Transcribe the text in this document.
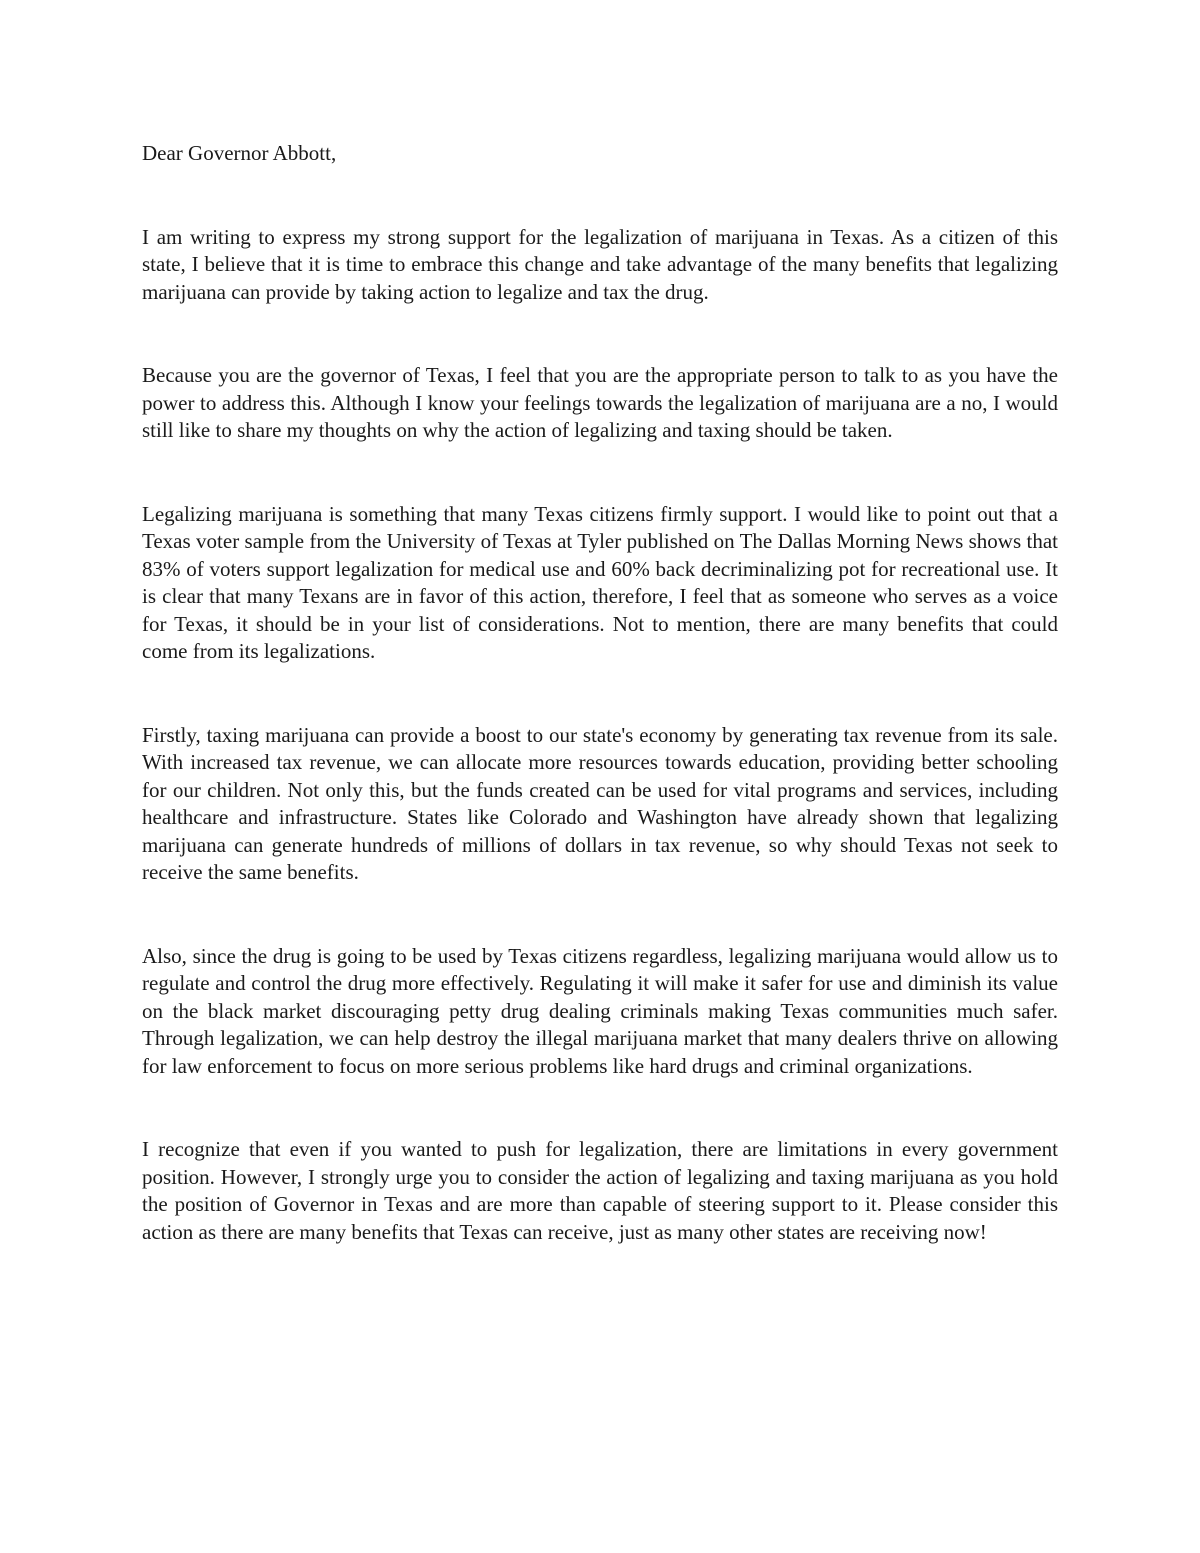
Dear Governor Abbott,

I am writing to express my strong support for the legalization of marijuana in Texas. As a citizen of this state, I believe that it is time to embrace this change and take advantage of the many benefits that legalizing marijuana can provide by taking action to legalize and tax the drug.

Because you are the governor of Texas, I feel that you are the appropriate person to talk to as you have the power to address this. Although I know your feelings towards the legalization of marijuana are a no, I would still like to share my thoughts on why the action of legalizing and taxing should be taken.

Legalizing marijuana is something that many Texas citizens firmly support. I would like to point out that a Texas voter sample from the University of Texas at Tyler published on The Dallas Morning News shows that 83% of voters support legalization for medical use and 60% back decriminalizing pot for recreational use. It is clear that many Texans are in favor of this action, therefore, I feel that as someone who serves as a voice for Texas, it should be in your list of considerations. Not to mention, there are many benefits that could come from its legalizations.

Firstly, taxing marijuana can provide a boost to our state's economy by generating tax revenue from its sale. With increased tax revenue, we can allocate more resources towards education, providing better schooling for our children. Not only this, but the funds created can be used for vital programs and services, including healthcare and infrastructure. States like Colorado and Washington have already shown that legalizing marijuana can generate hundreds of millions of dollars in tax revenue, so why should Texas not seek to receive the same benefits.

Also, since the drug is going to be used by Texas citizens regardless, legalizing marijuana would allow us to regulate and control the drug more effectively. Regulating it will make it safer for use and diminish its value on the black market discouraging petty drug dealing criminals making Texas communities much safer. Through legalization, we can help destroy the illegal marijuana market that many dealers thrive on allowing for law enforcement to focus on more serious problems like hard drugs and criminal organizations.

I recognize that even if you wanted to push for legalization, there are limitations in every government position. However, I strongly urge you to consider the action of legalizing and taxing marijuana as you hold the position of Governor in Texas and are more than capable of steering support to it. Please consider this action as there are many benefits that Texas can receive, just as many other states are receiving now!
